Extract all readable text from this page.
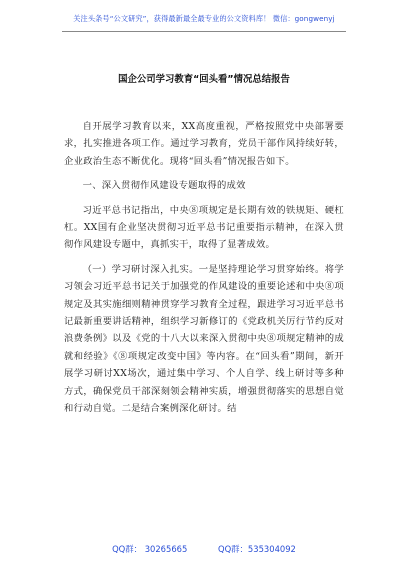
关注头条号“公文研究”，获得最新最全最专业的公文资料库！ 微信：gongwenyj
国企公司学习教育“回头看”情况总结报告

自开展学习教育以来，XX高度重视，严格按照党中央部署要求，扎实推进各项工作。通过学习教育，党员干部作风持续好转，企业政治生态不断优化。现将“回头看”情况报告如下。

一、深入贯彻作风建设专题取得的成效

习近平总书记指出，中央⑧项规定是长期有效的铁规矩、硬杠杠。XX国有企业坚决贯彻习近平总书记重要指示精神，在深入贯彻作风建设专题中，真抓实干，取得了显著成效。

（一）学习研讨深入扎实。一是坚持理论学习贯穿始终。将学习领会习近平总书记关于加强党的作风建设的重要论述和中央⑧项规定及其实施细则精神贯穿学习教育全过程，跟进学习习近平总书记最新重要讲话精神，组织学习新修订的《党政机关厉行节约反对浪费条例》以及《党的十八大以来深入贯彻中央⑧项规定精神的成就和经验》《⑧项规定改变中国》等内容。在“回头看”期间，新开展学习研讨XX场次，通过集中学习、个人自学、线上研讨等多种方式，确保党员干部深刻领会精神实质，增强贯彻落实的思想自觉和行动自觉。二是结合案例深化研讨。结

QQ群： 30265665	QQ群：535304092
